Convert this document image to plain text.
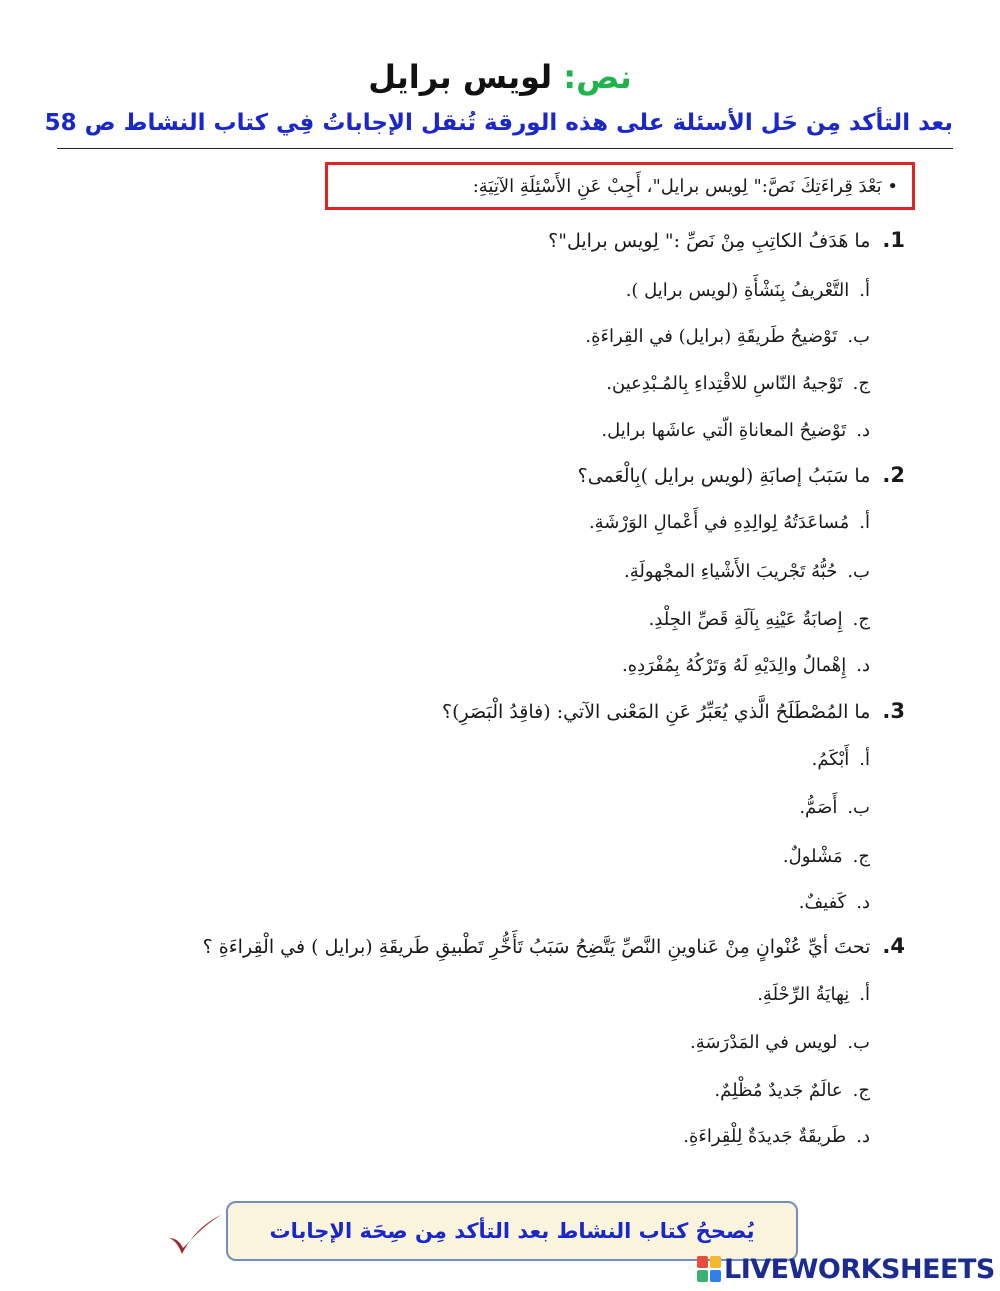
نص: لويس برايل
بعد التأكد مِن حَل الأسئلة على هذه الورقة تُنقل الإجاباتُ فِي كتاب النشاط ص 58
• بَعْدَ قِراءَتِكَ نَصَّ:" لِويس برايل"، أَجِبْ عَنِ الأَسْئِلَةِ الآتِيَةِ:
1.ما هَدَفُ الكاتِبِ مِنْ نَصِّ :" لِويس برايل"؟
أ.التَّعْريفُ بِنَشْأَةِ (لويس برايل ).
ب.تَوْضيحُ طَريقَةِ (برايل) في القِراءَةِ.
ج.تَوْجيهُ النّاسِ للاقْتِداءِ بِالمُـبْدِعين.
د.تَوْضيحُ المعاناةِ الّتي عاشَها برايل.
2.ما سَبَبُ إصابَةِ (لويس برايل )بِالْعَمى؟
أ.مُساعَدَتُهُ لِوالِدِهِ في أَعْمالِ الوَرْشَةِ.
ب.حُبُّهُ تَجْريبَ الأَشْياءِ المجْهولَةِ.
ج.إِصابَةُ عَيْنِهِ بِآلَةِ قَصِّ الجِلْدِ.
د.إِهْمالُ والِدَيْهِ لَهُ وَتَرْكُهُ بِمُفْرَدِهِ.
3.ما المُصْطَلَحُ الَّذي يُعَبِّرُ عَنِ المَعْنى الآتي: (فاقِدُ الْبَصَرِ)؟
أ.أَبْكَمُ.
ب.أَصَمُّ.
ج.مَشْلولٌ.
د.كَفيفٌ.
4.تحتَ أيِّ عُنْوانٍ مِنْ عَناوينِ النَّصِّ يَتَّضِحُ سَبَبُ تَأَخُّرِ تَطْبيقِ طَريقَةِ (برايل ) في الْقِراءَةِ ؟
أ.نِهايَةُ الرِّحْلَةِ.
ب.لويس في المَدْرَسَةِ.
ج.عالَمٌ جَديدٌ مُظْلِمٌ.
د.طَريقَةٌ جَديدَةٌ لِلْقِراءَةِ.
يُصححُ كتاب النشاط بعد التأكد مِن صِحَة الإجابات
LIVEWORKSHEETS
